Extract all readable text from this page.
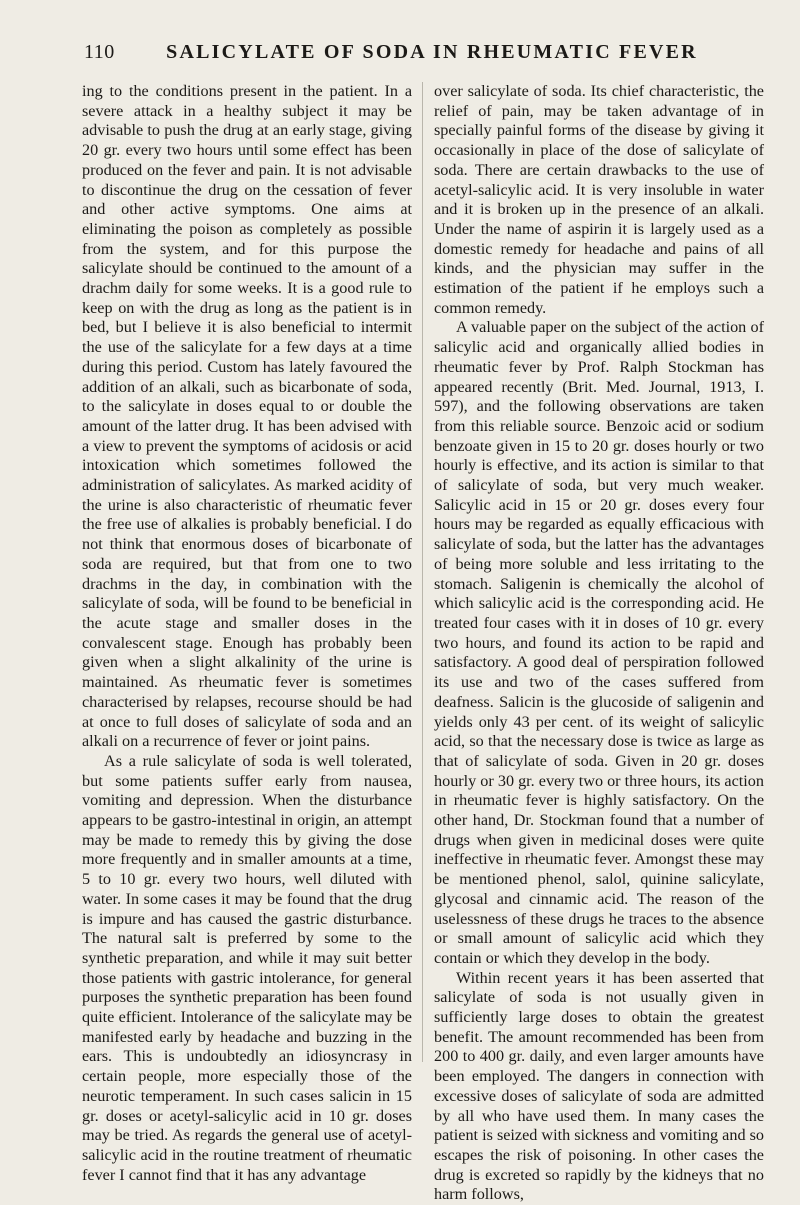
110	SALICYLATE OF SODA IN RHEUMATIC FEVER

ing to the conditions present in the patient. In a severe attack in a healthy subject it may be advisable to push the drug at an early stage, giving 20 gr. every two hours until some effect has been produced on the fever and pain. It is not advisable to discontinue the drug on the cessation of fever and other active symptoms. One aims at eliminating the poison as completely as possible from the system, and for this purpose the salicylate should be continued to the amount of a drachm daily for some weeks. It is a good rule to keep on with the drug as long as the patient is in bed, but I believe it is also beneficial to intermit the use of the salicylate for a few days at a time during this period. Custom has lately favoured the addition of an alkali, such as bicarbonate of soda, to the salicylate in doses equal to or double the amount of the latter drug. It has been advised with a view to prevent the symptoms of acidosis or acid intoxication which sometimes followed the administration of salicylates. As marked acidity of the urine is also characteristic of rheumatic fever the free use of alkalies is probably beneficial. I do not think that enormous doses of bicarbonate of soda are required, but that from one to two drachms in the day, in combination with the salicylate of soda, will be found to be beneficial in the acute stage and smaller doses in the convalescent stage. Enough has probably been given when a slight alkalinity of the urine is maintained. As rheumatic fever is sometimes characterised by relapses, recourse should be had at once to full doses of salicylate of soda and an alkali on a recurrence of fever or joint pains.

As a rule salicylate of soda is well tolerated, but some patients suffer early from nausea, vomiting and depression. When the disturbance appears to be gastro-intestinal in origin, an attempt may be made to remedy this by giving the dose more frequently and in smaller amounts at a time, 5 to 10 gr. every two hours, well diluted with water. In some cases it may be found that the drug is impure and has caused the gastric disturbance. The natural salt is preferred by some to the synthetic preparation, and while it may suit better those patients with gastric intolerance, for general purposes the synthetic preparation has been found quite efficient. Intolerance of the salicylate may be manifested early by headache and buzzing in the ears. This is undoubtedly an idiosyncrasy in certain people, more especially those of the neurotic temperament. In such cases salicin in 15 gr. doses or acetyl-salicylic acid in 10 gr. doses may be tried. As regards the general use of acetyl-salicylic acid in the routine treatment of rheumatic fever I cannot find that it has any advantage

over salicylate of soda. Its chief characteristic, the relief of pain, may be taken advantage of in specially painful forms of the disease by giving it occasionally in place of the dose of salicylate of soda. There are certain drawbacks to the use of acetyl-salicylic acid. It is very insoluble in water and it is broken up in the presence of an alkali. Under the name of aspirin it is largely used as a domestic remedy for headache and pains of all kinds, and the physician may suffer in the estimation of the patient if he employs such a common remedy.

A valuable paper on the subject of the action of salicylic acid and organically allied bodies in rheumatic fever by Prof. Ralph Stockman has appeared recently (Brit. Med. Journal, 1913, I. 597), and the following observations are taken from this reliable source. Benzoic acid or sodium benzoate given in 15 to 20 gr. doses hourly or two hourly is effective, and its action is similar to that of salicylate of soda, but very much weaker. Salicylic acid in 15 or 20 gr. doses every four hours may be regarded as equally efficacious with salicylate of soda, but the latter has the advantages of being more soluble and less irritating to the stomach. Saligenin is chemically the alcohol of which salicylic acid is the corresponding acid. He treated four cases with it in doses of 10 gr. every two hours, and found its action to be rapid and satisfactory. A good deal of perspiration followed its use and two of the cases suffered from deafness. Salicin is the glucoside of saligenin and yields only 43 per cent. of its weight of salicylic acid, so that the necessary dose is twice as large as that of salicylate of soda. Given in 20 gr. doses hourly or 30 gr. every two or three hours, its action in rheumatic fever is highly satisfactory. On the other hand, Dr. Stockman found that a number of drugs when given in medicinal doses were quite ineffective in rheumatic fever. Amongst these may be mentioned phenol, salol, quinine salicylate, glycosal and cinnamic acid. The reason of the uselessness of these drugs he traces to the absence or small amount of salicylic acid which they contain or which they develop in the body.

Within recent years it has been asserted that salicylate of soda is not usually given in sufficiently large doses to obtain the greatest benefit. The amount recommended has been from 200 to 400 gr. daily, and even larger amounts have been employed. The dangers in connection with excessive doses of salicylate of soda are admitted by all who have used them. In many cases the patient is seized with sickness and vomiting and so escapes the risk of poisoning. In other cases the drug is excreted so rapidly by the kidneys that no harm follows,
